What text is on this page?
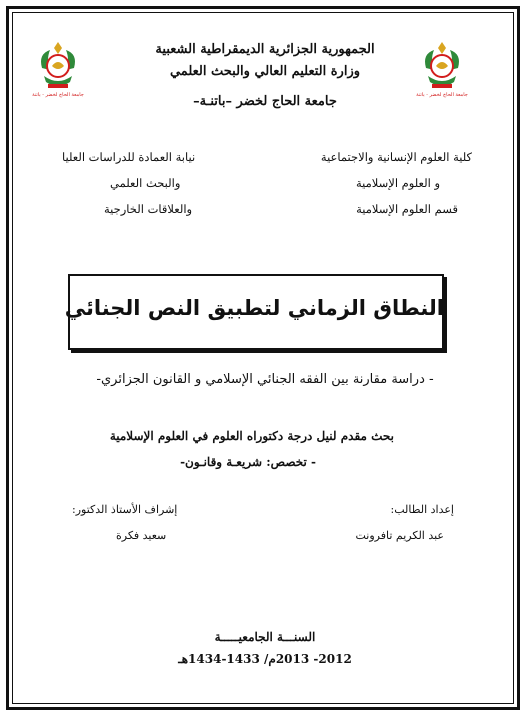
جامعة الحاج لخضر - باتنة
جامعة الحاج لخضر - باتنة
الجمهورية الجزائرية الديمقراطية الشعبية
وزارة التعليم العالي والبحث العلمي
جامعة الحاج لخضر –باتنـة–
كلية العلوم الإنسانية والاجتماعية
و العلوم الإسلامية
قسم العلوم الإسلامية
نيابة العمادة للدراسات العليا
والبحث العلمي
والعلاقات الخارجية
النطاق الزماني لتطبيق النص الجنائي
- دراسة مقارنة بين الفقه الجنائي الإسلامي و القانون الجزائري-
بحث مقدم لنيل درجة دكتوراه العلوم في العلوم الإسلامية
- تخصص: شريعـة وقانـون-
إعداد الطالب:
عبد الكريم تافرونت
إشراف الأستاذ الدكتور:
سعيد فكرة
السنـــة الجامعيـــــة
2012- 2013م/ 1433-1434هـ
